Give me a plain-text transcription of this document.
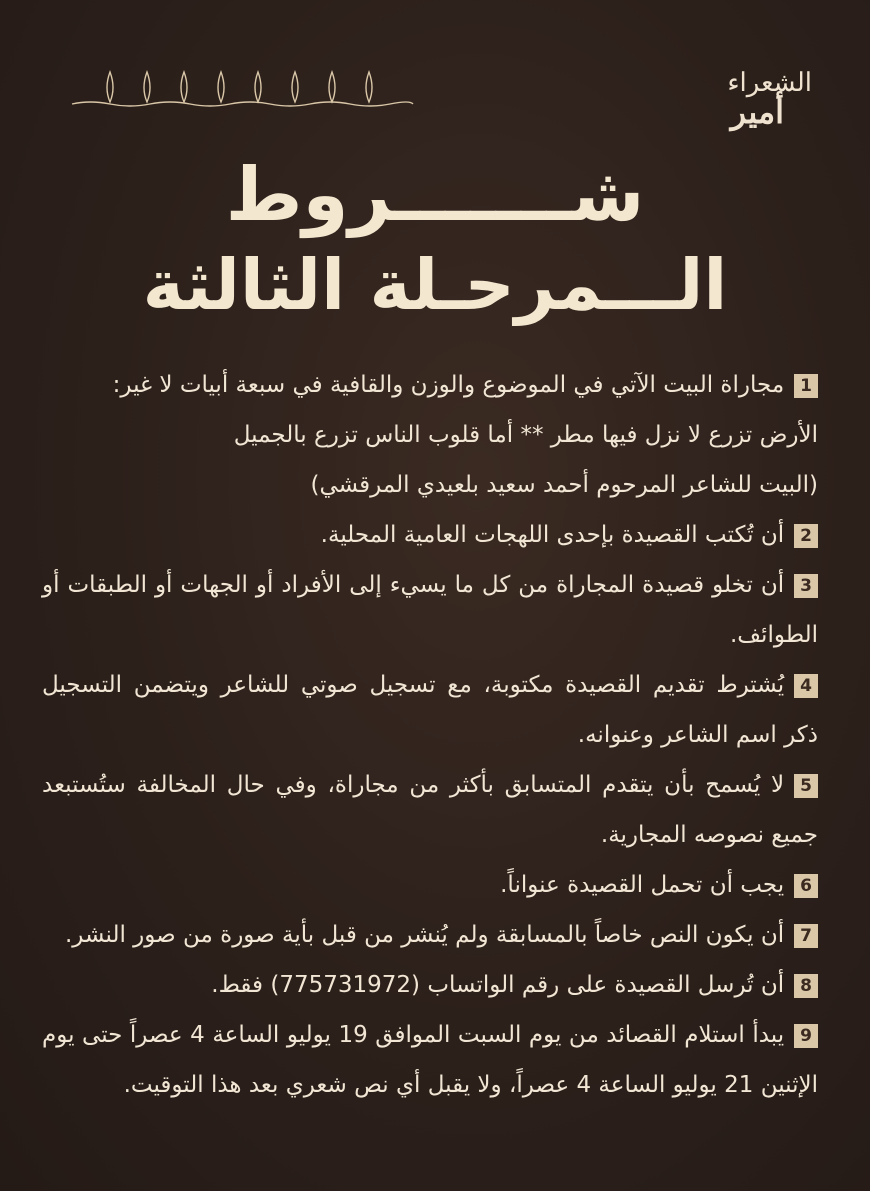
الشعراء
أمير
شـــــــروط
الـــمرحـلة الثالثة

1مجاراة البيت الآتي في الموضوع والوزن والقافية في سبعة أبيات لا غير:

الأرض تزرع لا نزل فيها مطر ** أما قلوب الناس تزرع بالجميل

(البيت للشاعر المرحوم أحمد سعيد بلعيدي المرقشي)

2أن تُكتب القصيدة بإحدى اللهجات العامية المحلية.

3أن تخلو قصيدة المجاراة من كل ما يسيء إلى الأفراد أو الجهات أو الطبقات أو الطوائف.

4يُشترط تقديم القصيدة مكتوبة، مع تسجيل صوتي للشاعر ويتضمن التسجيل ذكر اسم الشاعر وعنوانه.

5لا يُسمح بأن يتقدم المتسابق بأكثر من مجاراة، وفي حال المخالفة ستُستبعد جميع نصوصه المجارية.

6يجب أن تحمل القصيدة عنواناً.

7أن يكون النص خاصاً بالمسابقة ولم يُنشر من قبل بأية صورة من صور النشر.

8أن تُرسل القصيدة على رقم الواتساب (775731972) فقط.

9يبدأ استلام القصائد من يوم السبت الموافق 19 يوليو الساعة 4 عصراً حتى يوم الإثنين 21 يوليو الساعة 4 عصراً، ولا يقبل أي نص شعري بعد هذا التوقيت.
